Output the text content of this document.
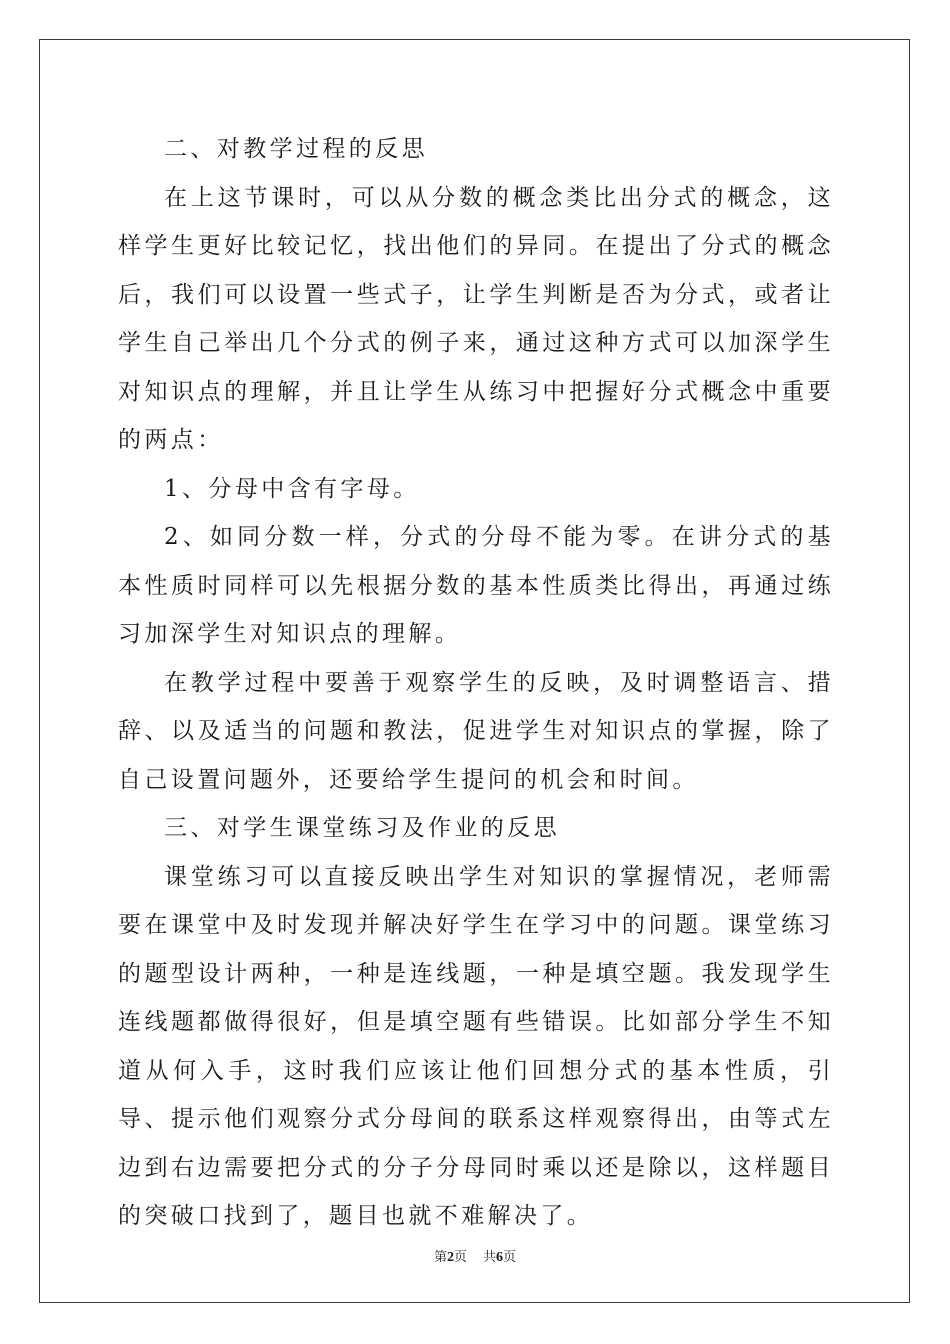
二、对教学过程的反思

在上这节课时，可以从分数的概念类比出分式的概念，这样学生更好比较记忆，找出他们的异同。在提出了分式的概念后，我们可以设置一些式子，让学生判断是否为分式，或者让学生自己举出几个分式的例子来，通过这种方式可以加深学生对知识点的理解，并且让学生从练习中把握好分式概念中重要的两点：

1、分母中含有字母。

2、如同分数一样，分式的分母不能为零。在讲分式的基本性质时同样可以先根据分数的基本性质类比得出，再通过练习加深学生对知识点的理解。

在教学过程中要善于观察学生的反映，及时调整语言、措辞、以及适当的问题和教法，促进学生对知识点的掌握，除了自己设置问题外，还要给学生提问的机会和时间。

三、对学生课堂练习及作业的反思

课堂练习可以直接反映出学生对知识的掌握情况，老师需要在课堂中及时发现并解决好学生在学习中的问题。课堂练习的题型设计两种，一种是连线题，一种是填空题。我发现学生连线题都做得很好，但是填空题有些错误。比如部分学生不知道从何入手，这时我们应该让他们回想分式的基本性质，引导、提示他们观察分式分母间的联系这样观察得出，由等式左边到右边需要把分式的分子分母同时乘以还是除以，这样题目的突破口找到了，题目也就不难解决了。

第2页 共6页
